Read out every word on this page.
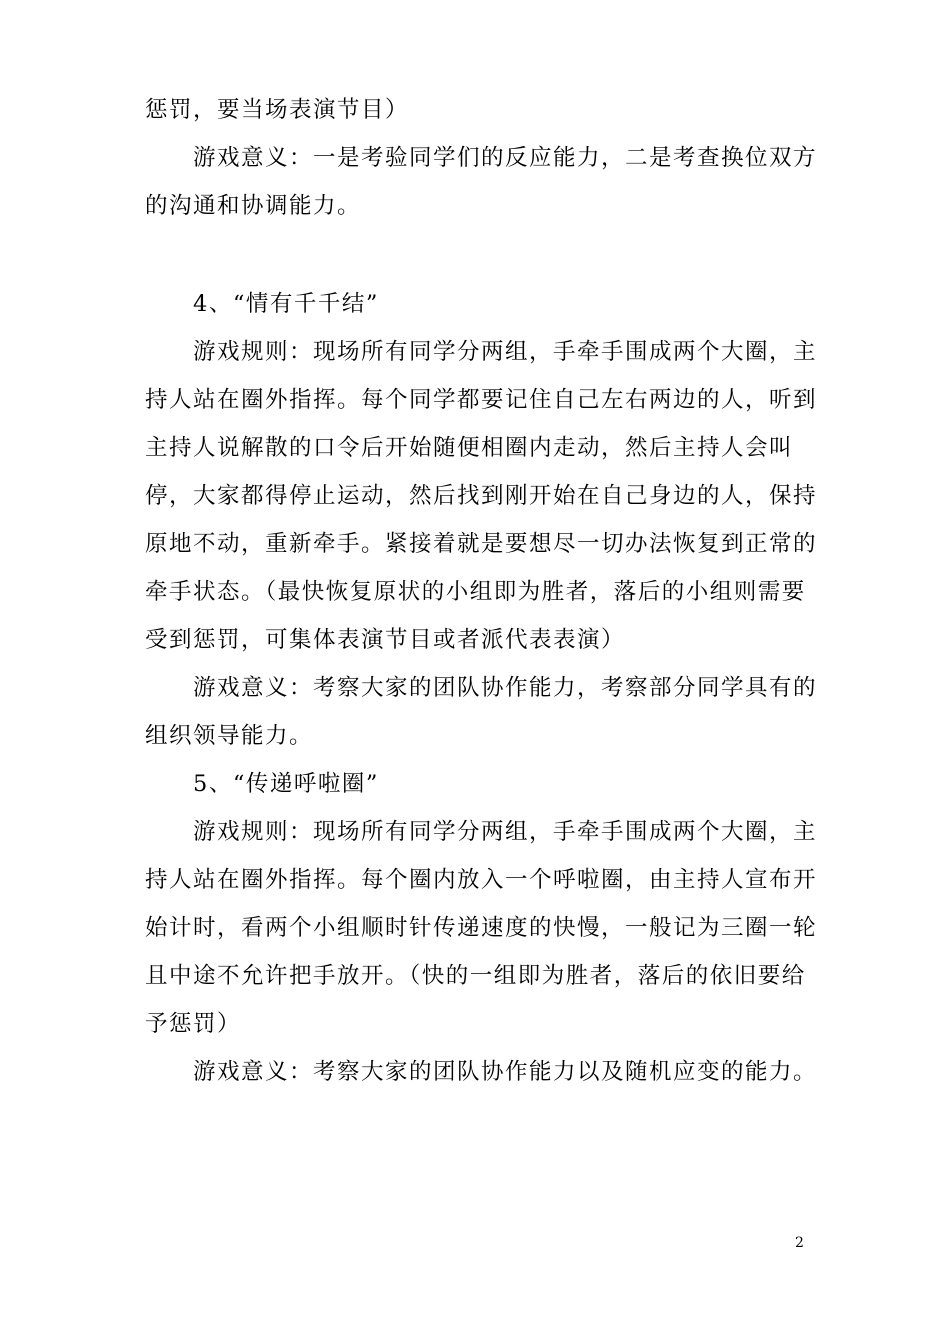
惩罚，要当场表演节目）

　　游戏意义：一是考验同学们的反应能力，二是考查换位双方

的沟通和协调能力。

　　4、“情有千千结”

　　游戏规则：现场所有同学分两组，手牵手围成两个大圈，主

持人站在圈外指挥。每个同学都要记住自己左右两边的人，听到

主持人说解散的口令后开始随便相圈内走动，然后主持人会叫

停，大家都得停止运动，然后找到刚开始在自己身边的人，保持

原地不动，重新牵手。紧接着就是要想尽一切办法恢复到正常的

牵手状态。（最快恢复原状的小组即为胜者，落后的小组则需要

受到惩罚，可集体表演节目或者派代表表演）

　　游戏意义：考察大家的团队协作能力，考察部分同学具有的

组织领导能力。

　　5、“传递呼啦圈”

　　游戏规则：现场所有同学分两组，手牵手围成两个大圈，主

持人站在圈外指挥。每个圈内放入一个呼啦圈，由主持人宣布开

始计时，看两个小组顺时针传递速度的快慢，一般记为三圈一轮

且中途不允许把手放开。（快的一组即为胜者，落后的依旧要给

予惩罚）

　　游戏意义：考察大家的团队协作能力以及随机应变的能力。

2
